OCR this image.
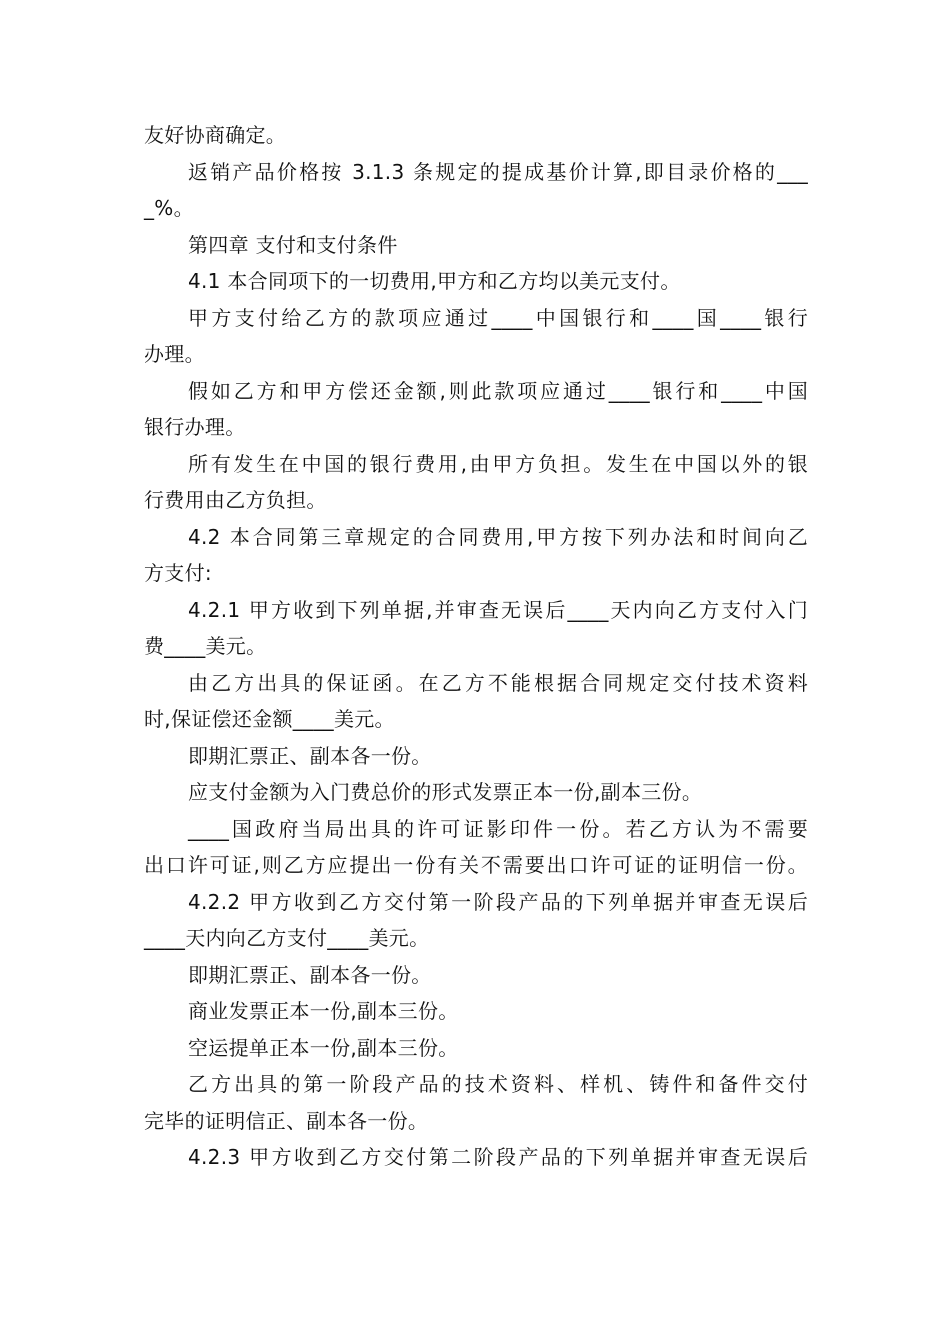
友好协商确定。
返销产品价格按 3.1.3 条规定的提成基价计算,即目录价格的___
_%。
第四章 支付和支付条件
4.1 本合同项下的一切费用,甲方和乙方均以美元支付。
甲方支付给乙方的款项应通过____中国银行和____国____银行
办理。
假如乙方和甲方偿还金额,则此款项应通过____银行和____中国
银行办理。
所有发生在中国的银行费用,由甲方负担。发生在中国以外的银
行费用由乙方负担。
4.2 本合同第三章规定的合同费用,甲方按下列办法和时间向乙
方支付:
4.2.1 甲方收到下列单据,并审查无误后____天内向乙方支付入门
费____美元。
由乙方出具的保证函。在乙方不能根据合同规定交付技术资料
时,保证偿还金额____美元。
即期汇票正、副本各一份。
应支付金额为入门费总价的形式发票正本一份,副本三份。
____国政府当局出具的许可证影印件一份。若乙方认为不需要
出口许可证,则乙方应提出一份有关不需要出口许可证的证明信一份。
4.2.2 甲方收到乙方交付第一阶段产品的下列单据并审查无误后
____天内向乙方支付____美元。
即期汇票正、副本各一份。
商业发票正本一份,副本三份。
空运提单正本一份,副本三份。
乙方出具的第一阶段产品的技术资料、样机、铸件和备件交付
完毕的证明信正、副本各一份。
4.2.3 甲方收到乙方交付第二阶段产品的下列单据并审查无误后
